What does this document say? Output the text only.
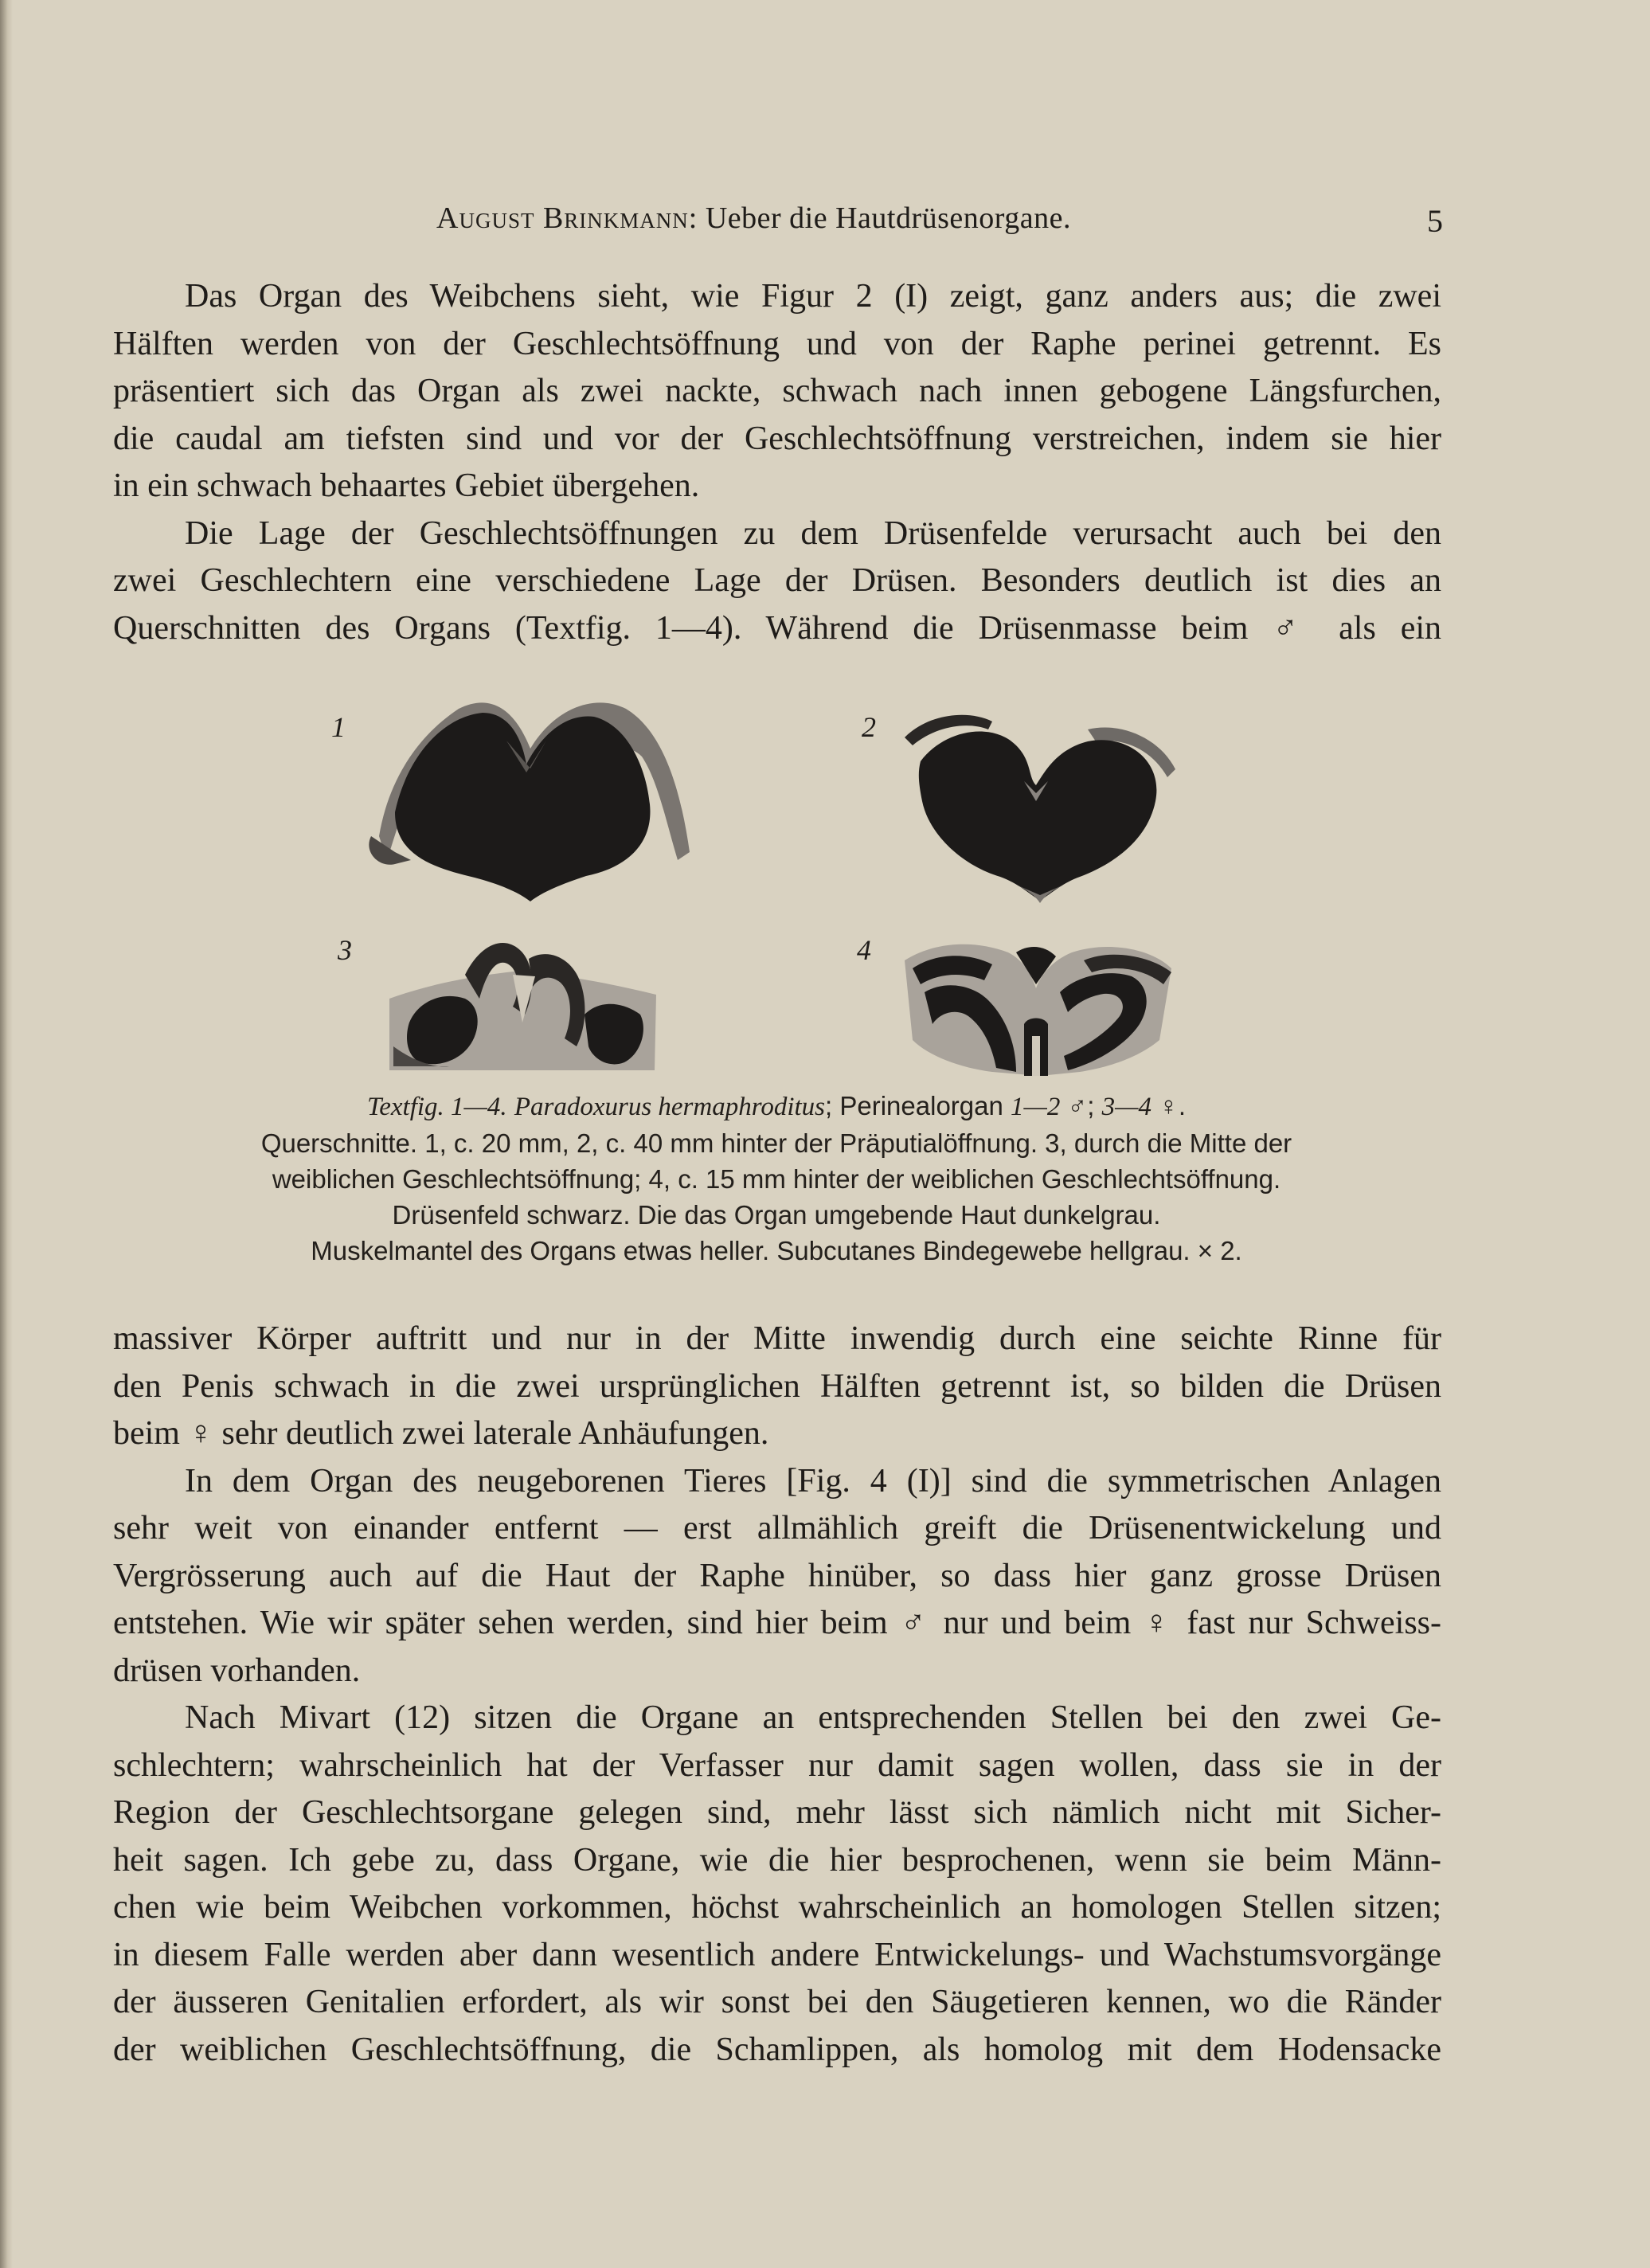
August Brinkmann: Ueber die Hautdrüsenorgane.	5
Das Organ des Weibchens sieht, wie Figur 2 (I) zeigt, ganz anders aus; die zwei
Hälften werden von der Geschlechtsöffnung und von der Raphe perinei getrennt. Es
präsentiert sich das Organ als zwei nackte, schwach nach innen gebogene Längsfurchen,
die caudal am tiefsten sind und vor der Geschlechtsöffnung verstreichen, indem sie hier
in ein schwach behaartes Gebiet übergehen.
Die Lage der Geschlechtsöffnungen zu dem Drüsenfelde verursacht auch bei den
zwei Geschlechtern eine verschiedene Lage der Drüsen. Besonders deutlich ist dies an
Querschnitten des Organs (Textfig. 1—4). Während die Drüsenmasse beim ♂ als ein
1	2
3	4
Textfig. 1—4. Paradoxurus hermaphroditus; Perinealorgan 1—2 ♂; 3—4 ♀.
Querschnitte. 1, c. 20 mm, 2, c. 40 mm hinter der Präputialöffnung. 3, durch die Mitte der
weiblichen Geschlechtsöffnung; 4, c. 15 mm hinter der weiblichen Geschlechtsöffnung.
Drüsenfeld schwarz. Die das Organ umgebende Haut dunkelgrau.
Muskelmantel des Organs etwas heller. Subcutanes Bindegewebe hellgrau. × 2.
massiver Körper auftritt und nur in der Mitte inwendig durch eine seichte Rinne für
den Penis schwach in die zwei ursprünglichen Hälften getrennt ist, so bilden die Drüsen
beim ♀ sehr deutlich zwei laterale Anhäufungen.
In dem Organ des neugeborenen Tieres [Fig. 4 (I)] sind die symmetrischen Anlagen
sehr weit von einander entfernt — erst allmählich greift die Drüsenentwickelung und
Vergrösserung auch auf die Haut der Raphe hinüber, so dass hier ganz grosse Drüsen
entstehen. Wie wir später sehen werden, sind hier beim ♂ nur und beim ♀ fast nur Schweiss-
drüsen vorhanden.
Nach Mivart (12) sitzen die Organe an entsprechenden Stellen bei den zwei Ge-
schlechtern; wahrscheinlich hat der Verfasser nur damit sagen wollen, dass sie in der
Region der Geschlechtsorgane gelegen sind, mehr lässt sich nämlich nicht mit Sicher-
heit sagen. Ich gebe zu, dass Organe, wie die hier besprochenen, wenn sie beim Männ-
chen wie beim Weibchen vorkommen, höchst wahrscheinlich an homologen Stellen sitzen;
in diesem Falle werden aber dann wesentlich andere Entwickelungs- und Wachstumsvorgänge
der äusseren Genitalien erfordert, als wir sonst bei den Säugetieren kennen, wo die Ränder
der weiblichen Geschlechtsöffnung, die Schamlippen, als homolog mit dem Hodensacke
